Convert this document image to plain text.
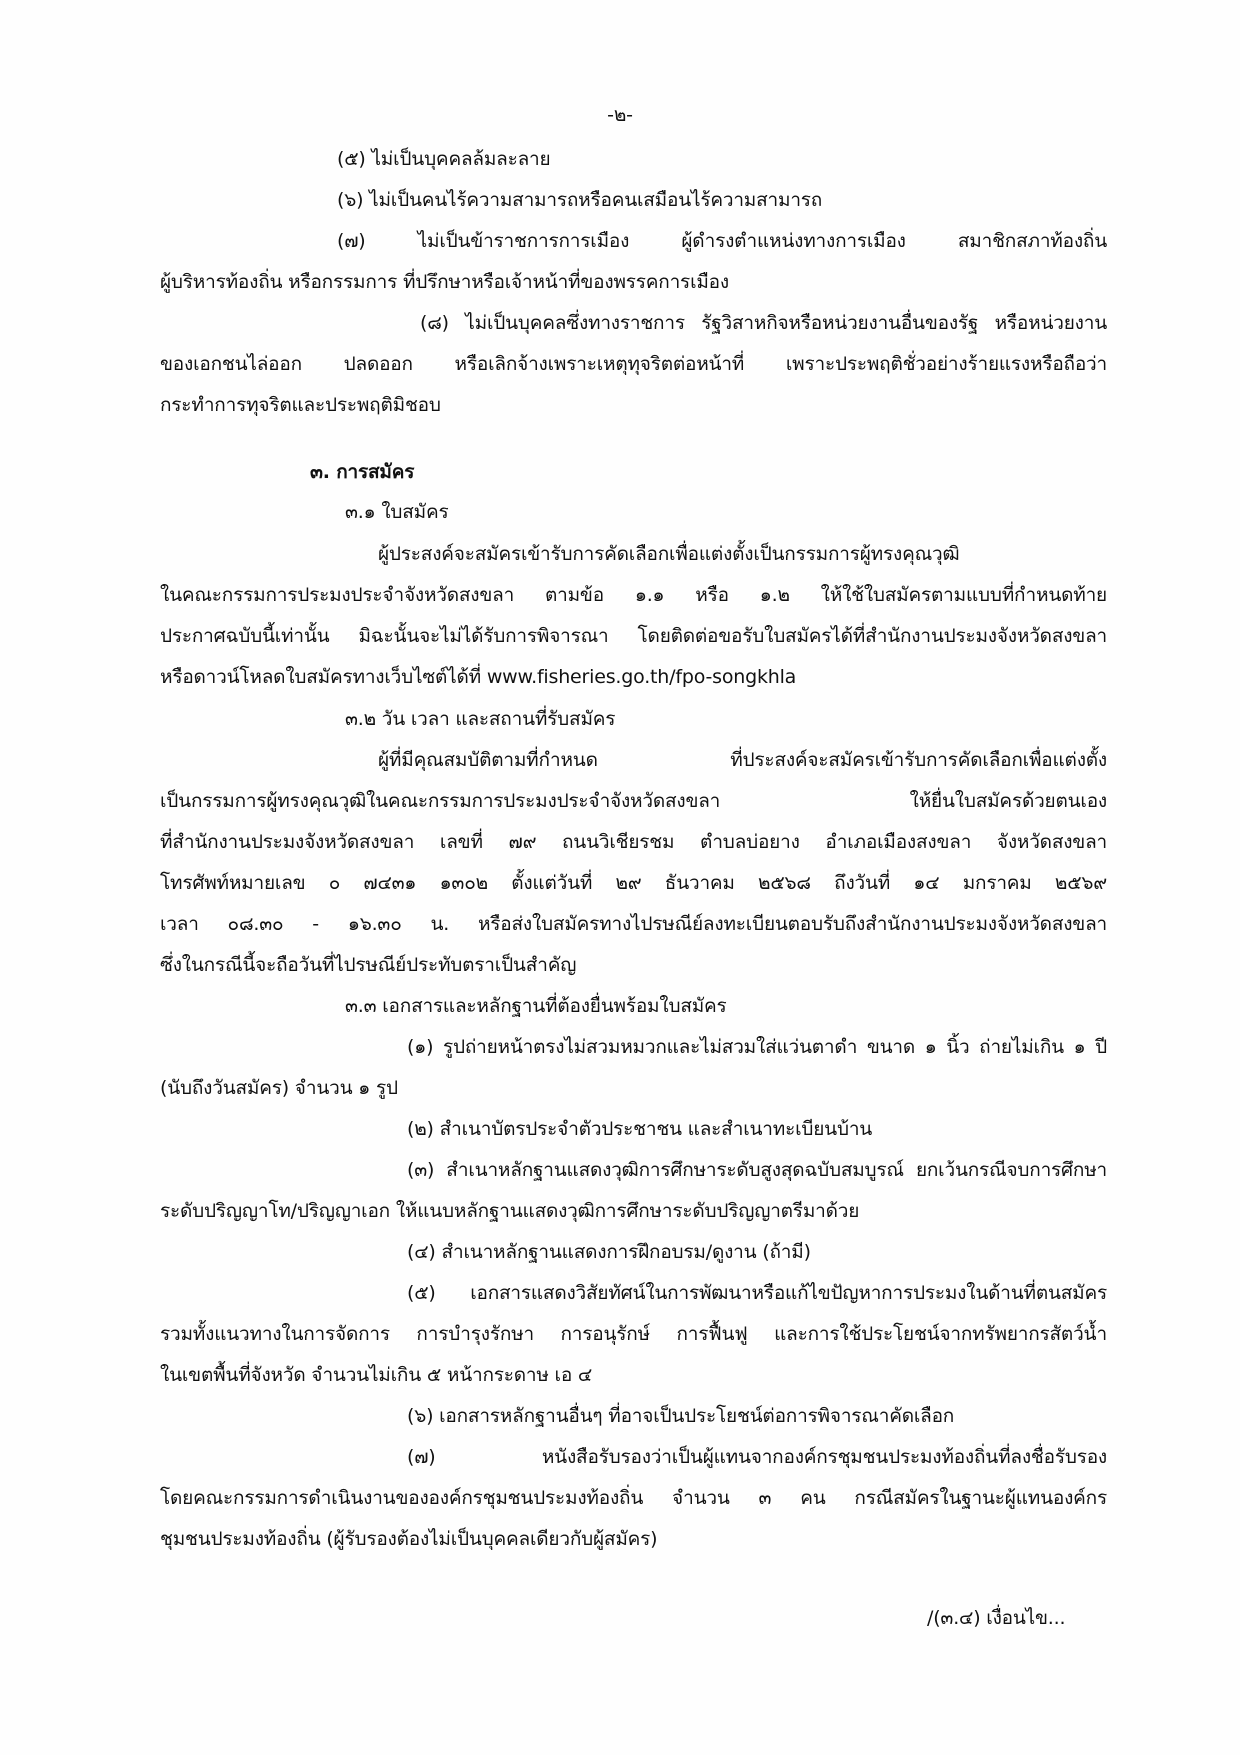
-๒-
(๕) ไม่เป็นบุคคลล้มละลาย
(๖) ไม่เป็นคนไร้ความสามารถหรือคนเสมือนไร้ความสามารถ
(๗) ไม่เป็นข้าราชการการเมือง ผู้ดำรงตำแหน่งทางการเมือง สมาชิกสภาท้องถิ่น
ผู้บริหารท้องถิ่น หรือกรรมการ ที่ปรึกษาหรือเจ้าหน้าที่ของพรรคการเมือง
(๘) ไม่เป็นบุคคลซึ่งทางราชการ รัฐวิสาหกิจหรือหน่วยงานอื่นของรัฐ หรือหน่วยงาน
ของเอกชนไล่ออก ปลดออก หรือเลิกจ้างเพราะเหตุทุจริตต่อหน้าที่ เพราะประพฤติชั่วอย่างร้ายแรงหรือถือว่า
กระทำการทุจริตและประพฤติมิชอบ
๓. การสมัคร
๓.๑ ใบสมัคร
ผู้ประสงค์จะสมัครเข้ารับการคัดเลือกเพื่อแต่งตั้งเป็นกรรมการผู้ทรงคุณวุฒิ
ในคณะกรรมการประมงประจำจังหวัดสงขลา ตามข้อ ๑.๑ หรือ ๑.๒ ให้ใช้ใบสมัครตามแบบที่กำหนดท้าย
ประกาศฉบับนี้เท่านั้น มิฉะนั้นจะไม่ได้รับการพิจารณา โดยติดต่อขอรับใบสมัครได้ที่สำนักงานประมงจังหวัดสงขลา
หรือดาวน์โหลดใบสมัครทางเว็บไซต์ได้ที่ www.fisheries.go.th/fpo-songkhla
๓.๒ วัน เวลา และสถานที่รับสมัคร
ผู้ที่มีคุณสมบัติตามที่กำหนด ที่ประสงค์จะสมัครเข้ารับการคัดเลือกเพื่อแต่งตั้ง
เป็นกรรมการผู้ทรงคุณวุฒิในคณะกรรมการประมงประจำจังหวัดสงขลา ให้ยื่นใบสมัครด้วยตนเอง
ที่สำนักงานประมงจังหวัดสงขลา เลขที่ ๗๙ ถนนวิเชียรชม ตำบลบ่อยาง อำเภอเมืองสงขลา จังหวัดสงขลา
โทรศัพท์หมายเลข ๐ ๗๔๓๑ ๑๓๐๒ ตั้งแต่วันที่ ๒๙ ธันวาคม ๒๕๖๘ ถึงวันที่ ๑๔ มกราคม ๒๕๖๙
เวลา ๐๘.๓๐ - ๑๖.๓๐ น. หรือส่งใบสมัครทางไปรษณีย์ลงทะเบียนตอบรับถึงสำนักงานประมงจังหวัดสงขลา
ซึ่งในกรณีนี้จะถือวันที่ไปรษณีย์ประทับตราเป็นสำคัญ
๓.๓ เอกสารและหลักฐานที่ต้องยื่นพร้อมใบสมัคร
(๑) รูปถ่ายหน้าตรงไม่สวมหมวกและไม่สวมใส่แว่นตาดำ ขนาด ๑ นิ้ว ถ่ายไม่เกิน ๑ ปี
(นับถึงวันสมัคร) จำนวน ๑ รูป
(๒) สำเนาบัตรประจำตัวประชาชน และสำเนาทะเบียนบ้าน
(๓) สำเนาหลักฐานแสดงวุฒิการศึกษาระดับสูงสุดฉบับสมบูรณ์ ยกเว้นกรณีจบการศึกษา
ระดับปริญญาโท/ปริญญาเอก ให้แนบหลักฐานแสดงวุฒิการศึกษาระดับปริญญาตรีมาด้วย
(๔) สำเนาหลักฐานแสดงการฝึกอบรม/ดูงาน (ถ้ามี)
(๕) เอกสารแสดงวิสัยทัศน์ในการพัฒนาหรือแก้ไขปัญหาการประมงในด้านที่ตนสมัคร
รวมทั้งแนวทางในการจัดการ การบำรุงรักษา การอนุรักษ์ การฟื้นฟู และการใช้ประโยชน์จากทรัพยากรสัตว์น้ำ
ในเขตพื้นที่จังหวัด จำนวนไม่เกิน ๕ หน้ากระดาษ เอ ๔
(๖) เอกสารหลักฐานอื่นๆ ที่อาจเป็นประโยชน์ต่อการพิจารณาคัดเลือก
(๗) หนังสือรับรองว่าเป็นผู้แทนจากองค์กรชุมชนประมงท้องถิ่นที่ลงชื่อรับรอง
โดยคณะกรรมการดำเนินงานขององค์กรชุมชนประมงท้องถิ่น จำนวน ๓ คน กรณีสมัครในฐานะผู้แทนองค์กร
ชุมชนประมงท้องถิ่น (ผู้รับรองต้องไม่เป็นบุคคลเดียวกับผู้สมัคร)
/(๓.๔) เงื่อนไข...
